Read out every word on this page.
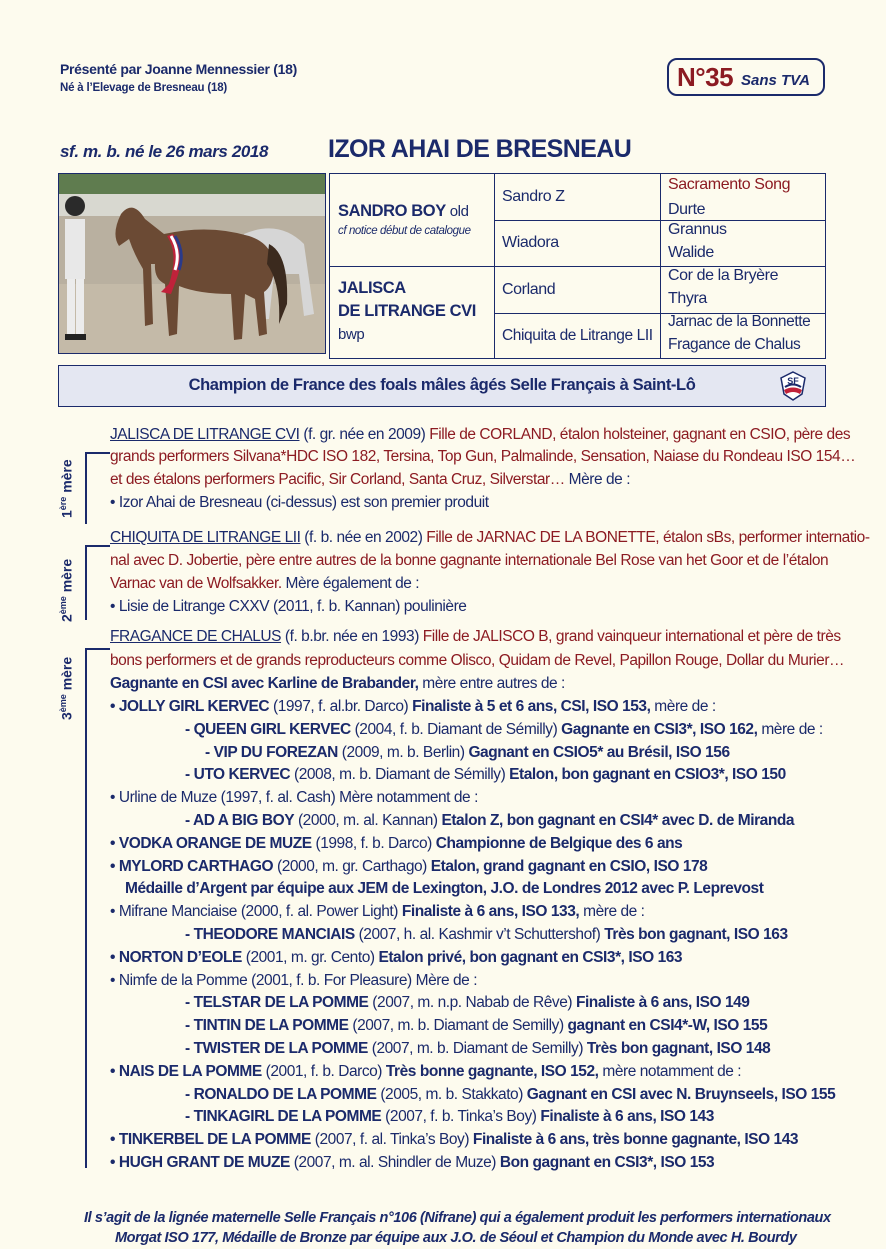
Présenté par Joanne Mennessier (18)
Né à l’Elevage de Bresneau (18)	N°35 Sans TVA
sf. m. b. né le 26 mars 2018 IZOR AHAI DE BRESNEAU
SANDRO BOY old
cf notice début de catalogue
JALISCA
DE LITRANGE CVI
bwp
Sandro Z
Wiadora
Corland
Chiquita de Litrange LII
Sacramento Song
Durte
Grannus
Walide
Cor de la Bryère
Thyra
Jarnac de la Bonnette
Fragance de Chalus
Champion de France des foals mâles âgés Selle Français à Saint-Lô	SF
1ère mère
2ème mère
3ème mère
JALISCA DE LITRANGE CVI (f. gr. née en 2009) Fille de CORLAND, étalon holsteiner, gagnant en CSIO, père des
grands performers Silvana*HDC ISO 182, Tersina, Top Gun, Palmalinde, Sensation, Naiase du Rondeau ISO 154…
et des étalons performers Pacific, Sir Corland, Santa Cruz, Silverstar… Mère de :
• Izor Ahai de Bresneau (ci-dessus) est son premier produit
CHIQUITA DE LITRANGE LII (f. b. née en 2002) Fille de JARNAC DE LA BONETTE, étalon sBs, performer internatio-
nal avec D. Jobertie, père entre autres de la bonne gagnante internationale Bel Rose van het Goor et de l’étalon
Varnac van de Wolfsakker. Mère également de :
• Lisie de Litrange CXXV (2011, f. b. Kannan) poulinière
FRAGANCE DE CHALUS (f. b.br. née en 1993) Fille de JALISCO B, grand vainqueur international et père de très
bons performers et de grands reproducteurs comme Olisco, Quidam de Revel, Papillon Rouge, Dollar du Murier…
Gagnante en CSI avec Karline de Brabander, mère entre autres de :
• JOLLY GIRL KERVEC (1997, f. al.br. Darco) Finaliste à 5 et 6 ans, CSI, ISO 153, mère de :
- QUEEN GIRL KERVEC (2004, f. b. Diamant de Sémilly) Gagnante en CSI3*, ISO 162, mère de :
- VIP DU FOREZAN (2009, m. b. Berlin) Gagnant en CSIO5* au Brésil, ISO 156
- UTO KERVEC (2008, m. b. Diamant de Sémilly) Etalon, bon gagnant en CSIO3*, ISO 150
• Urline de Muze (1997, f. al. Cash) Mère notamment de :
- AD A BIG BOY (2000, m. al. Kannan) Etalon Z, bon gagnant en CSI4* avec D. de Miranda
• VODKA ORANGE DE MUZE (1998, f. b. Darco) Championne de Belgique des 6 ans
• MYLORD CARTHAGO (2000, m. gr. Carthago) Etalon, grand gagnant en CSIO, ISO 178
Médaille d’Argent par équipe aux JEM de Lexington, J.O. de Londres 2012 avec P. Leprevost
• Mifrane Manciaise (2000, f. al. Power Light) Finaliste à 6 ans, ISO 133, mère de :
- THEODORE MANCIAIS (2007, h. al. Kashmir v’t Schuttershof) Très bon gagnant, ISO 163
• NORTON D’EOLE (2001, m. gr. Cento) Etalon privé, bon gagnant en CSI3*, ISO 163
• Nimfe de la Pomme (2001, f. b. For Pleasure) Mère de :
- TELSTAR DE LA POMME (2007, m. n.p. Nabab de Rêve) Finaliste à 6 ans, ISO 149
- TINTIN DE LA POMME (2007, m. b. Diamant de Semilly) gagnant en CSI4*-W, ISO 155
- TWISTER DE LA POMME (2007, m. b. Diamant de Semilly) Très bon gagnant, ISO 148
• NAIS DE LA POMME (2001, f. b. Darco) Très bonne gagnante, ISO 152, mère notamment de :
- RONALDO DE LA POMME (2005, m. b. Stakkato) Gagnant en CSI avec N. Bruynseels, ISO 155
- TINKAGIRL DE LA POMME (2007, f. b. Tinka’s Boy) Finaliste à 6 ans, ISO 143
• TINKERBEL DE LA POMME (2007, f. al. Tinka’s Boy) Finaliste à 6 ans, très bonne gagnante, ISO 143
• HUGH GRANT DE MUZE (2007, m. al. Shindler de Muze) Bon gagnant en CSI3*, ISO 153
Il s’agit de la lignée maternelle Selle Français n°106 (Nifrane) qui a également produit les performers internationaux
Morgat ISO 177, Médaille de Bronze par équipe aux J.O. de Séoul et Champion du Monde avec H. Bourdy
